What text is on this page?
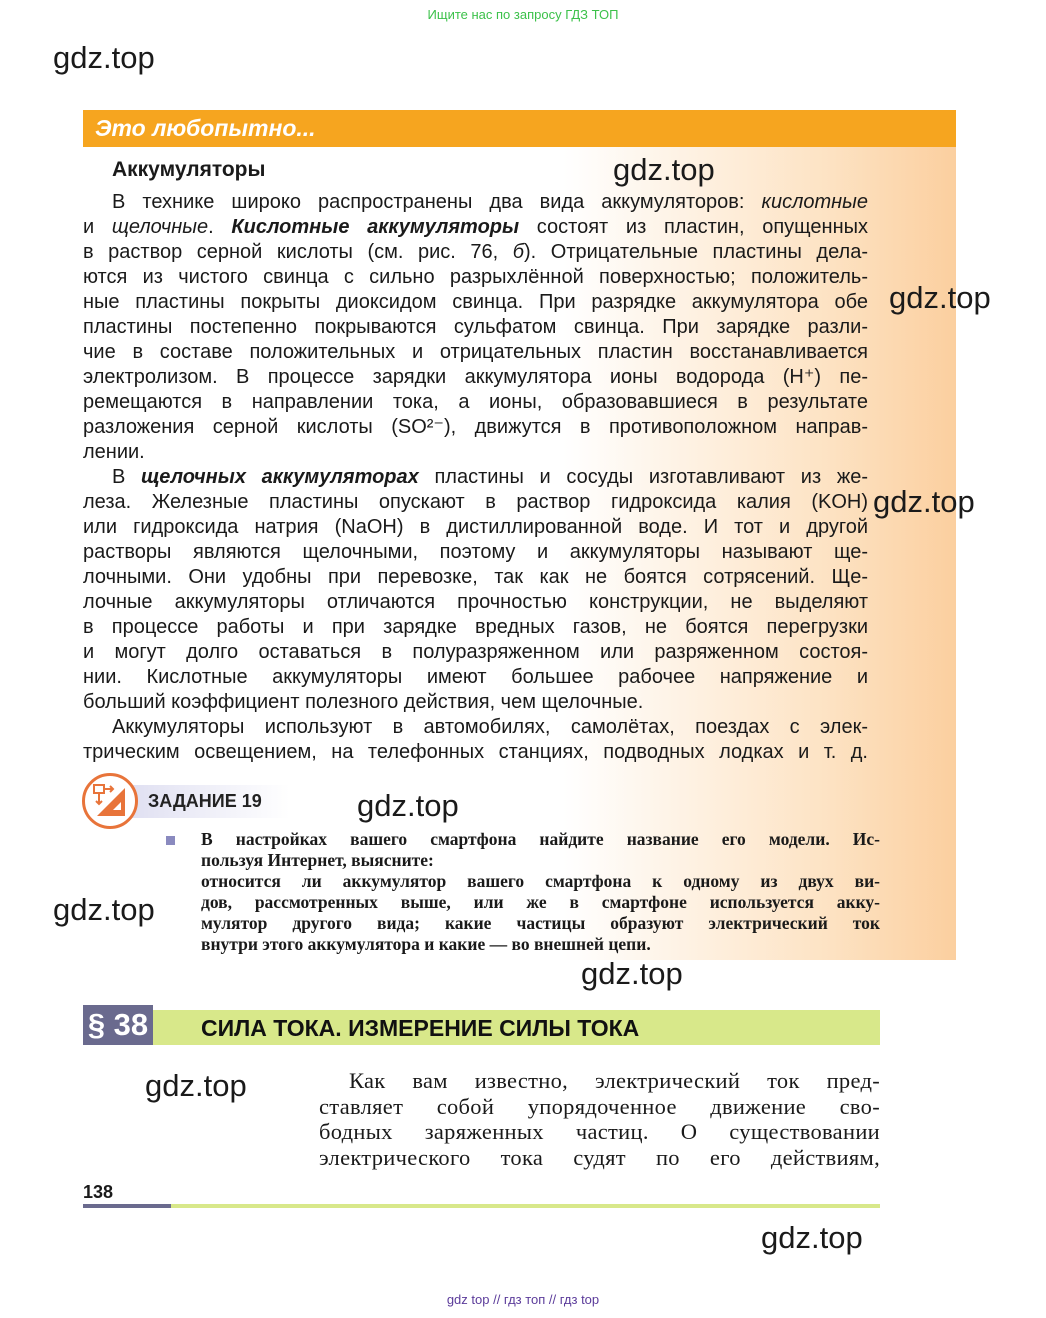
Ищите нас по запросу ГДЗ ТОП
Это любопытно...
Аккумуляторы
В технике широко распространены два вида аккумуляторов: кислотные
и щелочные. Кислотные аккумуляторы состоят из пластин, опущенных
в раствор серной кислоты (см. рис. 76, б). Отрицательные пластины дела-
ются из чистого свинца с сильно разрыхлённой поверхностью; положитель-
ные пластины покрыты диоксидом свинца. При разрядке аккумулятора обе
пластины постепенно покрываются сульфатом свинца. При зарядке разли-
чие в составе положительных и отрицательных пластин восстанавливается
электролизом. В процессе зарядки аккумулятора ионы водорода (H⁺) пе-
ремещаются в направлении тока, а ионы, образовавшиеся в результате
разложения серной кислоты (SO²⁻), движутся в противоположном направ-
лении.
В щелочных аккумуляторах пластины и сосуды изготавливают из же-
леза. Железные пластины опускают в раствор гидроксида калия (KOH)
или гидроксида натрия (NaOH) в дистиллированной воде. И тот и другой
растворы являются щелочными, поэтому и аккумуляторы называют ще-
лочными. Они удобны при перевозке, так как не боятся сотрясений. Ще-
лочные аккумуляторы отличаются прочностью конструкции, не выделяют
в процессе работы и при зарядке вредных газов, не боятся перегрузки
и могут долго оставаться в полуразряженном или разряженном состоя-
нии. Кислотные аккумуляторы имеют большее рабочее напряжение и
больший коэффициент полезного действия, чем щелочные.
Аккумуляторы используют в автомобилях, самолётах, поездах с элек-
трическим освещением, на телефонных станциях, подводных лодках и т. д.
ЗАДАНИЕ 19
В настройках вашего смартфона найдите название его модели. Ис-
пользуя Интернет, выясните:
относится ли аккумулятор вашего смартфона к одному из двух ви-
дов, рассмотренных выше, или же в смартфоне используется акку-
мулятор другого вида; какие частицы образуют электрический ток
внутри этого аккумулятора и какие — во внешней цепи.
§ 38 СИЛА ТОКА. ИЗМЕРЕНИЕ СИЛЫ ТОКА
Как вам известно, электрический ток пред-
ставляет собой упорядоченное движение сво-
бодных заряженных частиц. О существовании
электрического тока судят по его действиям,
138
gdz.top
gdz.top
gdz.top
gdz.top
gdz.top
gdz.top
gdz.top
gdz.top
gdz.top
gdz top // гдз топ // гдз top
